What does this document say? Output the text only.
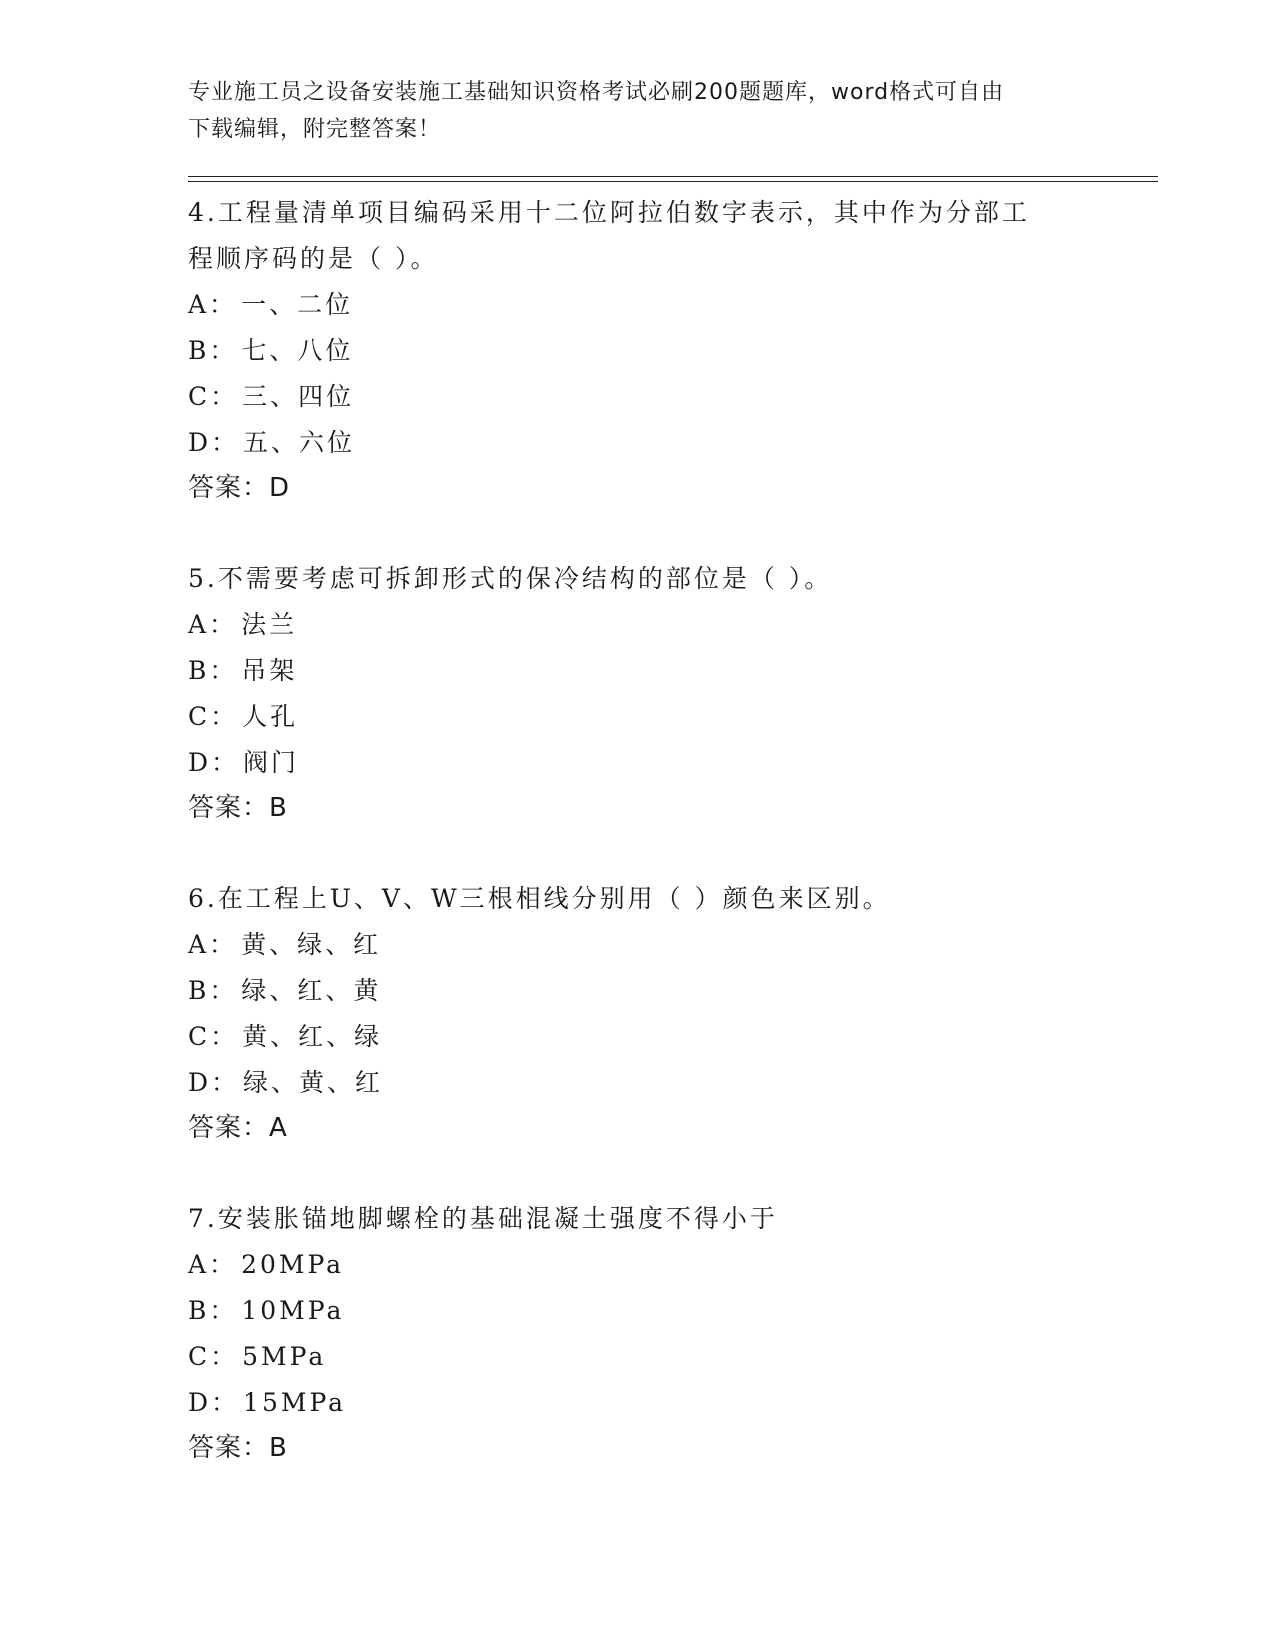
专业施工员之设备安装施工基础知识资格考试必刷200题题库，word格式可自由
下载编辑，附完整答案！
4.工程量清单项目编码采用十二位阿拉伯数字表示，其中作为分部工
程顺序码的是（ ）。
A： 一、二位
B： 七、八位
C： 三、四位
D： 五、六位
答案：D
5.不需要考虑可拆卸形式的保冷结构的部位是（ ）。
A： 法兰
B： 吊架
C： 人孔
D： 阀门
答案：B
6.在工程上U、V、W三根相线分别用（ ）颜色来区别。
A： 黄、绿、红
B： 绿、红、黄
C： 黄、红、绿
D： 绿、黄、红
答案：A
7.安装胀锚地脚螺栓的基础混凝土强度不得小于
A： 20MPa
B： 10MPa
C： 5MPa
D： 15MPa
答案：B
